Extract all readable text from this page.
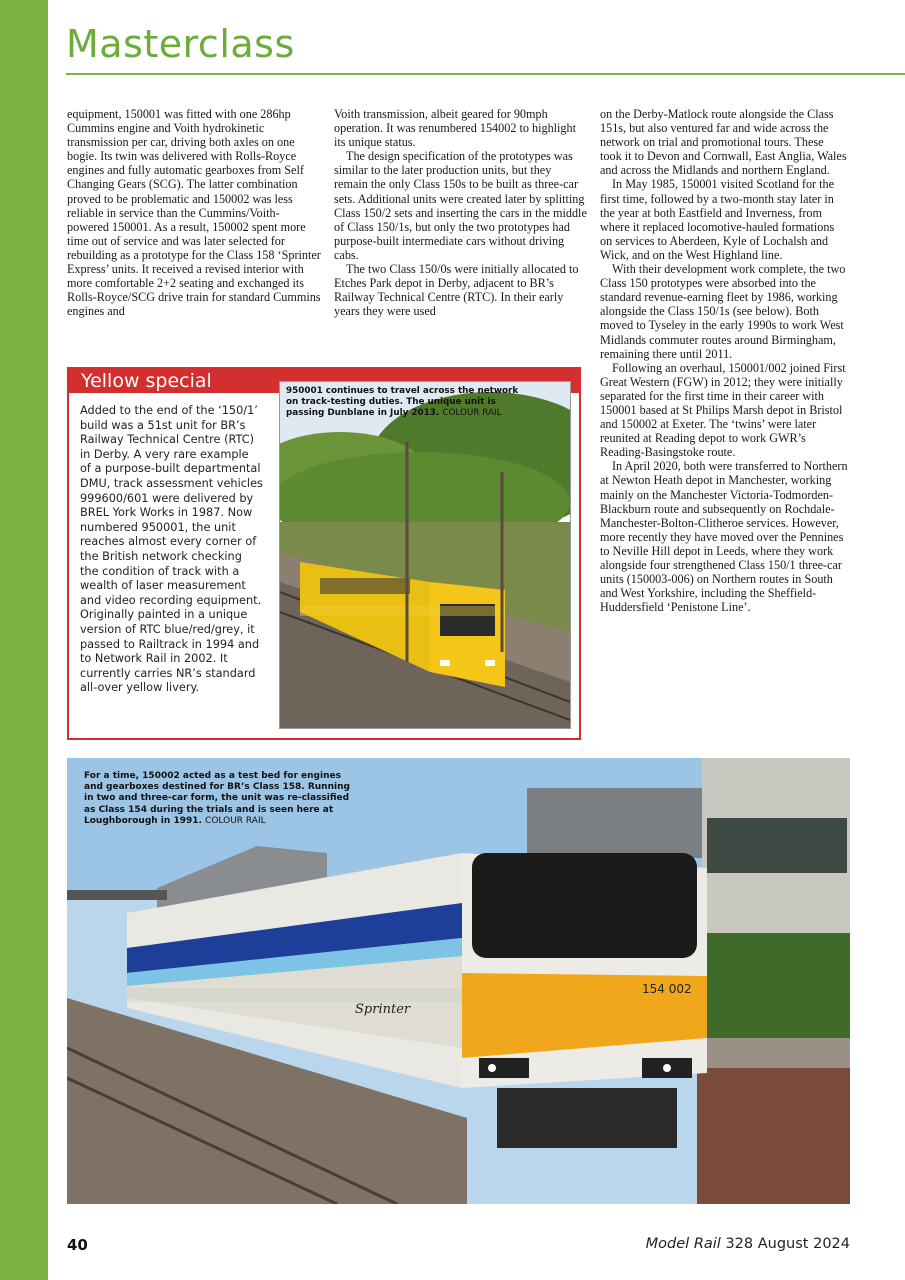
Masterclass

equipment, 150001 was fitted with one 286hp Cummins engine and Voith hydrokinetic transmission per car, driving both axles on one bogie. Its twin was delivered with Rolls-Royce engines and fully automatic gearboxes from Self Changing Gears (SCG). The latter combination proved to be problematic and 150002 was less reliable in service than the Cummins/Voith-powered 150001. As a result, 150002 spent more time out of service and was later selected for rebuilding as a prototype for the Class 158 ‘Sprinter Express’ units. It received a revised interior with more comfortable 2+2 seating and exchanged its Rolls-Royce/SCG drive train for standard Cummins engines and

Voith transmission, albeit geared for 90mph operation. It was renumbered 154002 to highlight its unique status.

The design specification of the prototypes was similar to the later production units, but they remain the only Class 150s to be built as three-car sets. Additional units were created later by splitting Class 150/2 sets and inserting the cars in the middle of Class 150/1s, but only the two prototypes had purpose-built intermediate cars without driving cabs.

The two Class 150/0s were initially allocated to Etches Park depot in Derby, adjacent to BR’s Railway Technical Centre (RTC). In their early years they were used

on the Derby-Matlock route alongside the Class 151s, but also ventured far and wide across the network on trial and promotional tours. These took it to Devon and Cornwall, East Anglia, Wales and across the Midlands and northern England.

In May 1985, 150001 visited Scotland for the first time, followed by a two-month stay later in the year at both Eastfield and Inverness, from where it replaced locomotive-hauled formations on services to Aberdeen, Kyle of Lochalsh and Wick, and on the West Highland line.

With their development work complete, the two Class 150 prototypes were absorbed into the standard revenue-earning fleet by 1986, working alongside the Class 150/1s (see below). Both moved to Tyseley in the early 1990s to work West Midlands commuter routes around Birmingham, remaining there until 2011.

Following an overhaul, 150001/002 joined First Great Western (FGW) in 2012; they were initially separated for the first time in their career with 150001 based at St Philips Marsh depot in Bristol and 150002 at Exeter. The ‘twins’ were later reunited at Reading depot to work GWR’s Reading-Basingstoke route.

In April 2020, both were transferred to Northern at Newton Heath depot in Manchester, working mainly on the Manchester Victoria-Todmorden-Blackburn route and subsequently on Rochdale-Manchester-Bolton-Clitheroe services. However, more recently they have moved over the Pennines to Neville Hill depot in Leeds, where they work alongside four strengthened Class 150/1 three-car units (150003-006) on Northern routes in South and West Yorkshire, including the Sheffield-Huddersfield ‘Penistone Line’.

Yellow special
Added to the end of the ‘150/1’ build was a 51st unit for BR’s Railway Technical Centre (RTC) in Derby. A very rare example of a purpose-built departmental DMU, track assessment vehicles 999600/601 were delivered by BREL York Works in 1987. Now numbered 950001, the unit reaches almost every corner of the British network checking the condition of track with a wealth of laser measurement and video recording equipment. Originally painted in a unique version of RTC blue/red/grey, it passed to Railtrack in 1994 and to Network Rail in 2002. It currently carries NR’s standard all-over yellow livery.
950001 continues to travel across the network on track-testing duties. The unique unit is passing Dunblane in July 2013. COLOUR RAIL
154 002
Sprinter
For a time, 150002 acted as a test bed for engines and gearboxes destined for BR’s Class 158. Running in two and three-car form, the unit was re-classified as Class 154 during the trials and is seen here at Loughborough in 1991. COLOUR RAIL
40	Model Rail 328 August 2024
